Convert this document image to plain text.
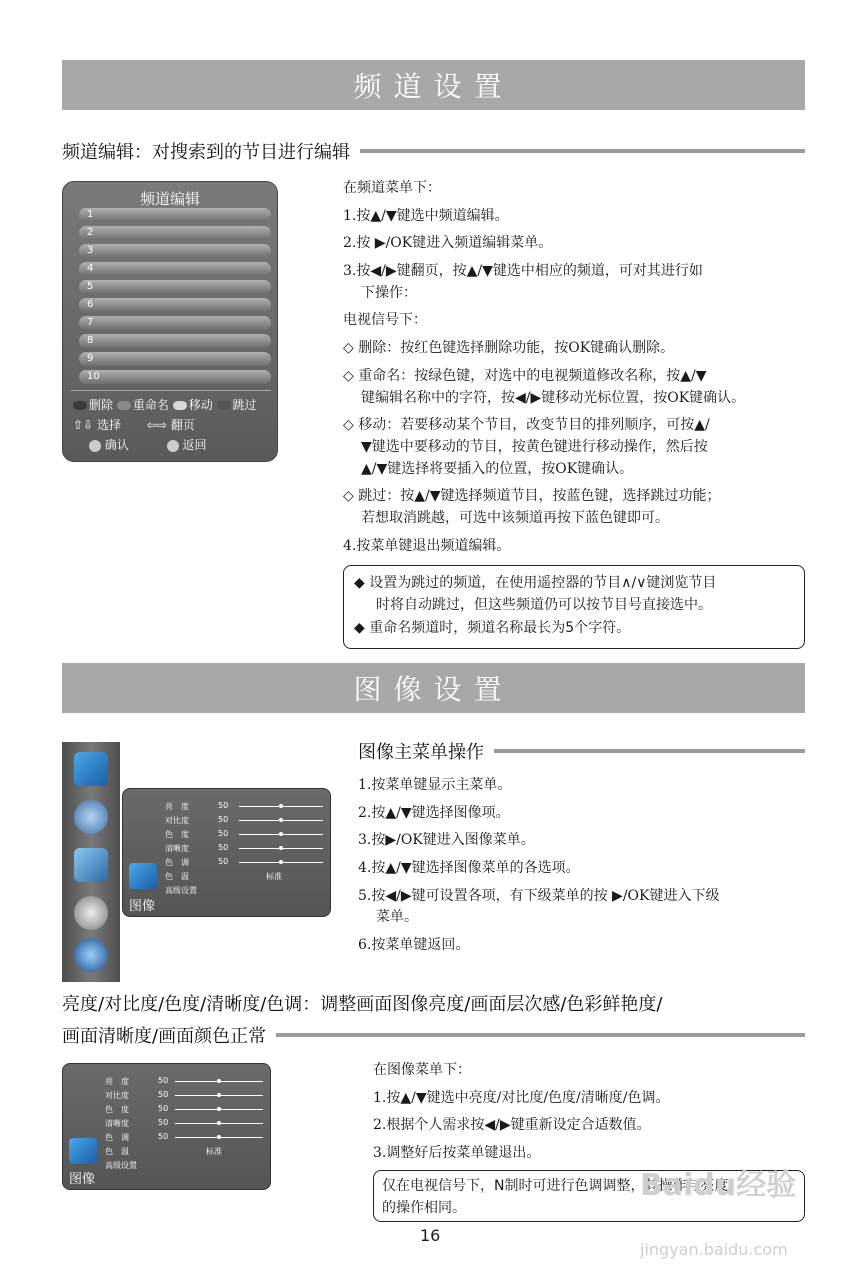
频道设置
频道编辑：对搜索到的节目进行编辑
频道编辑
1
2
3
4
5
6
7
8
9
10
删除 重命名 移动 跳过
⇧⇩ 选择 ⇦⇨ 翻页
确认	返回
在频道菜单下：
1.按▲/▼键选中频道编辑。
2.按 ▶/OK键进入频道编辑菜单。
3.按◀/▶键翻页，按▲/▼键选中相应的频道，可对其进行如
下操作：
电视信号下：
◇ 删除：按红色键选择删除功能，按OK键确认删除。
◇ 重命名：按绿色键，对选中的电视频道修改名称，按▲/▼
键编辑名称中的字符，按◀/▶键移动光标位置，按OK键确认。
◇ 移动：若要移动某个节目，改变节目的排列顺序，可按▲/
▼键选中要移动的节目，按黄色键进行移动操作，然后按
▲/▼键选择将要插入的位置，按OK键确认。
◇ 跳过：按▲/▼键选择频道节目，按蓝色键，选择跳过功能；
若想取消跳越，可选中该频道再按下蓝色键即可。
4.按菜单键退出频道编辑。
◆ 设置为跳过的频道，在使用遥控器的节目∧/∨键浏览节目
时将自动跳过，但这些频道仍可以按节目号直接选中。
◆ 重命名频道时，频道名称最长为5个字符。
图像设置
亮　度	50
对比度	50
色　度	50
清晰度	50
色　调	50
色　温	标准
高级设置
图像
图像主菜单操作
1.按菜单键显示主菜单。
2.按▲/▼键选择图像项。
3.按▶/OK键进入图像菜单。
4.按▲/▼键选择图像菜单的各选项。
5.按◀/▶键可设置各项，有下级菜单的按 ▶/OK键进入下级
菜单。
6.按菜单键返回。
亮度/对比度/色度/清晰度/色调：调整画面图像亮度/画面层次感/色彩鲜艳度/
画面清晰度/画面颜色正常
亮　度	50
对比度	50
色　度	50
清晰度	50
色　调	50
色　温	标准
高级设置
图像
在图像菜单下：
1.按▲/▼键选中亮度/对比度/色度/清晰度/色调。
2.根据个人需求按◀/▶键重新设定合适数值。
3.调整好后按菜单键退出。
仅在电视信号下，N制时可进行色调调整，其操作与亮度
的操作相同。
16
Baidu经验
jingyan.baidu.com
